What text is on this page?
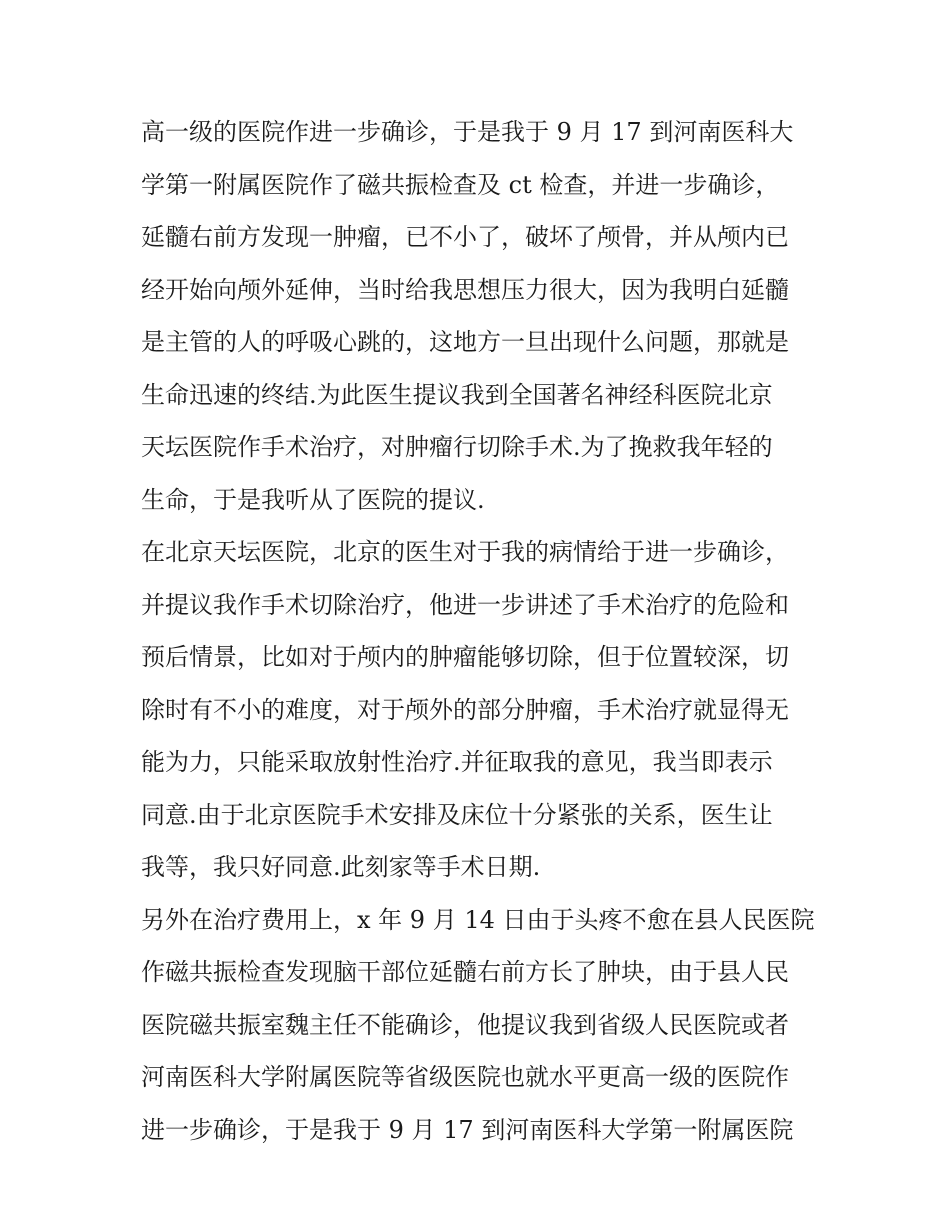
高一级的医院作进一步确诊，于是我于 9 月 17 到河南医科大
学第一附属医院作了磁共振检查及 ct 检查，并进一步确诊，
延髓右前方发现一肿瘤，已不小了，破坏了颅骨，并从颅内已
经开始向颅外延伸，当时给我思想压力很大，因为我明白延髓
是主管的人的呼吸心跳的，这地方一旦出现什么问题，那就是
生命迅速的终结.为此医生提议我到全国著名神经科医院北京
天坛医院作手术治疗，对肿瘤行切除手术.为了挽救我年轻的
生命，于是我听从了医院的提议.
在北京天坛医院，北京的医生对于我的病情给于进一步确诊，
并提议我作手术切除治疗，他进一步讲述了手术治疗的危险和
预后情景，比如对于颅内的肿瘤能够切除，但于位置较深，切
除时有不小的难度，对于颅外的部分肿瘤，手术治疗就显得无
能为力，只能采取放射性治疗.并征取我的意见，我当即表示
同意.由于北京医院手术安排及床位十分紧张的关系，医生让
我等，我只好同意.此刻家等手术日期.
另外在治疗费用上，x 年 9 月 14 日由于头疼不愈在县人民医院
作磁共振检查发现脑干部位延髓右前方长了肿块，由于县人民
医院磁共振室魏主任不能确诊，他提议我到省级人民医院或者
河南医科大学附属医院等省级医院也就水平更高一级的医院作
进一步确诊，于是我于 9 月 17 到河南医科大学第一附属医院
